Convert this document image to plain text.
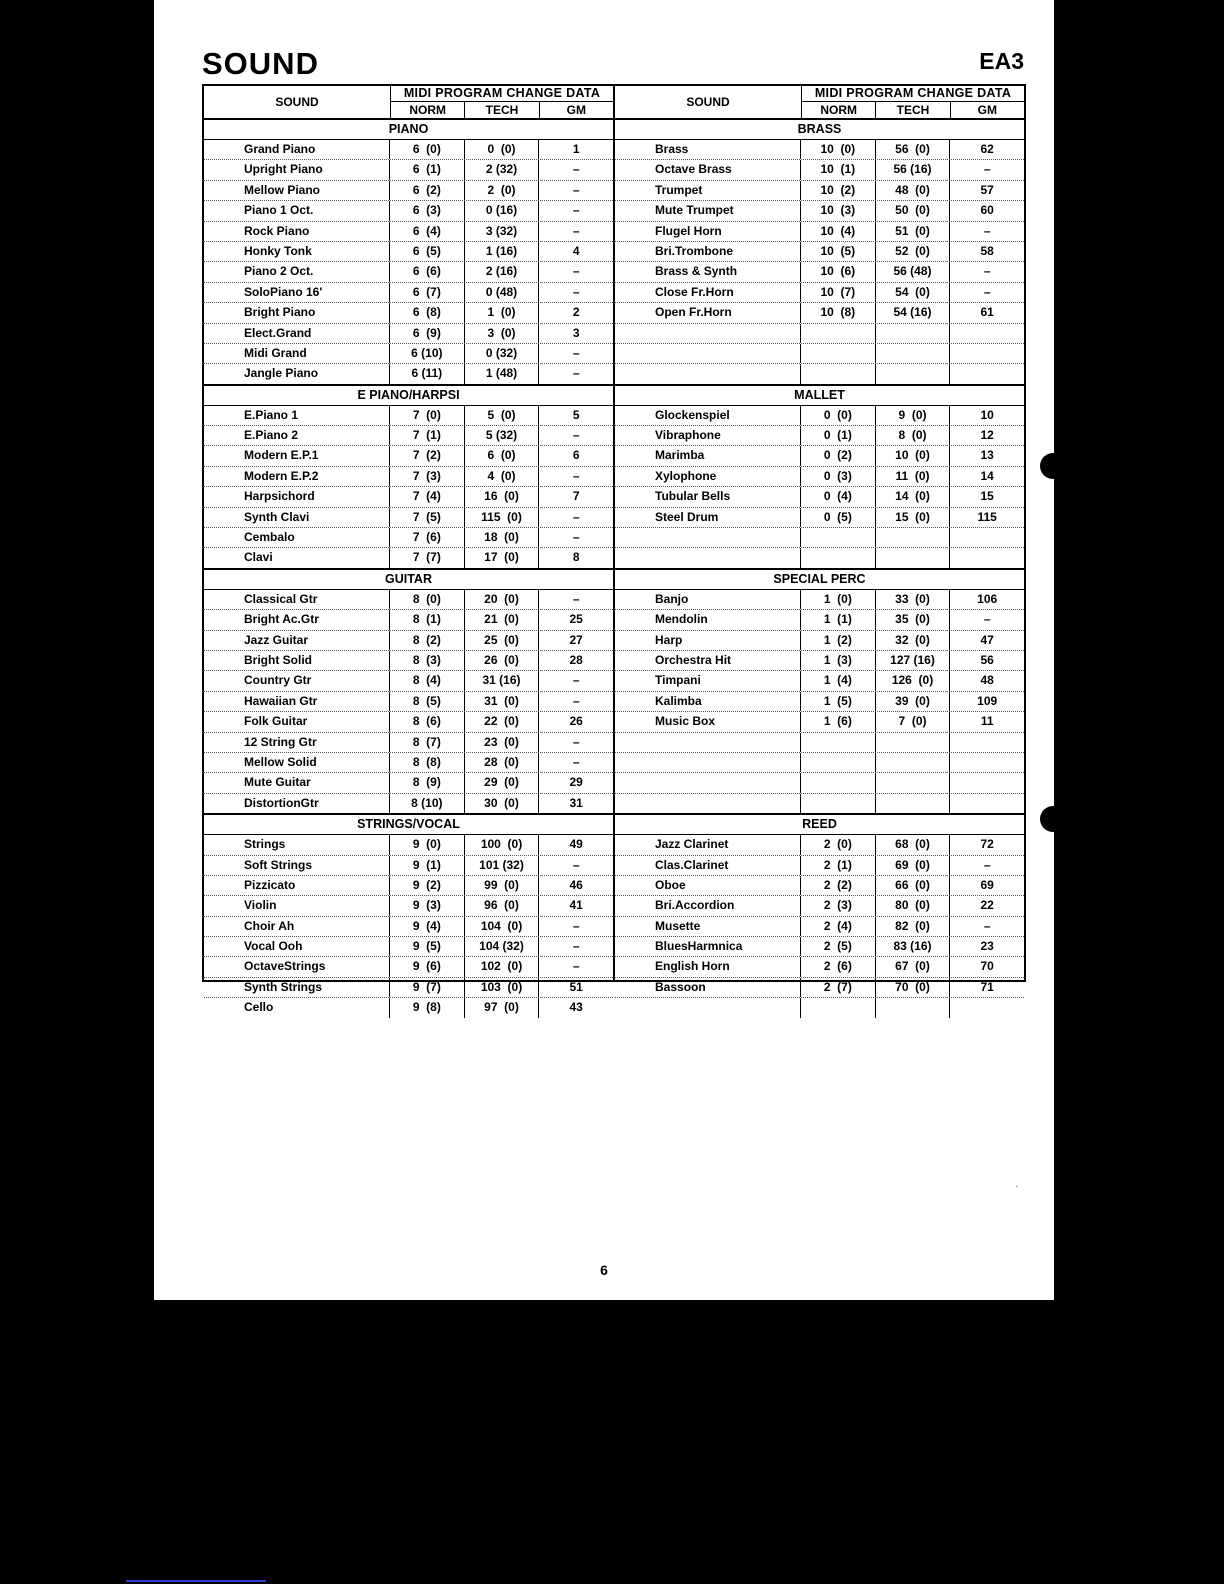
SOUND	EA3
SOUND
MIDI PROGRAM CHANGE DATA
NORM	TECH	GM
PIANO
Grand Piano	6  (0)	0  (0)	1
Upright Piano	6  (1)	2 (32)	–
Mellow Piano	6  (2)	2  (0)	–
Piano 1 Oct.	6  (3)	0 (16)	–
Rock Piano	6  (4)	3 (32)	–
Honky Tonk	6  (5)	1 (16)	4
Piano 2 Oct.	6  (6)	2 (16)	–
SoloPiano 16'	6  (7)	0 (48)	–
Bright Piano	6  (8)	1  (0)	2
Elect.Grand	6  (9)	3  (0)	3
Midi Grand	6 (10)	0 (32)	–
Jangle Piano	6 (11)	1 (48)	–
E PIANO/HARPSI
E.Piano 1	7  (0)	5  (0)	5
E.Piano 2	7  (1)	5 (32)	–
Modern E.P.1	7  (2)	6  (0)	6
Modern E.P.2	7  (3)	4  (0)	–
Harpsichord	7  (4)	16  (0)	7
Synth Clavi	7  (5)	115  (0)	–
Cembalo	7  (6)	18  (0)	–
Clavi	7  (7)	17  (0)	8
GUITAR
Classical Gtr	8  (0)	20  (0)	–
Bright Ac.Gtr	8  (1)	21  (0)	25
Jazz Guitar	8  (2)	25  (0)	27
Bright Solid	8  (3)	26  (0)	28
Country Gtr	8  (4)	31 (16)	–
Hawaiian Gtr	8  (5)	31  (0)	–
Folk Guitar	8  (6)	22  (0)	26
12 String Gtr	8  (7)	23  (0)	–
Mellow Solid	8  (8)	28  (0)	–
Mute Guitar	8  (9)	29  (0)	29
DistortionGtr	8 (10)	30  (0)	31
STRINGS/VOCAL
Strings	9  (0)	100  (0)	49
Soft Strings	9  (1)	101 (32)	–
Pizzicato	9  (2)	99  (0)	46
Violin	9  (3)	96  (0)	41
Choir Ah	9  (4)	104  (0)	–
Vocal Ooh	9  (5)	104 (32)	–
OctaveStrings	9  (6)	102  (0)	–
Synth Strings	9  (7)	103  (0)	51
Cello	9  (8)	97  (0)	43
SOUND
MIDI PROGRAM CHANGE DATA
NORM	TECH	GM
BRASS
Brass	10  (0)	56  (0)	62
Octave Brass	10  (1)	56 (16)	–
Trumpet	10  (2)	48  (0)	57
Mute Trumpet	10  (3)	50  (0)	60
Flugel Horn	10  (4)	51  (0)	–
Bri.Trombone	10  (5)	52  (0)	58
Brass & Synth	10  (6)	56 (48)	–
Close Fr.Horn	10  (7)	54  (0)	–
Open Fr.Horn	10  (8)	54 (16)	61
MALLET
Glockenspiel	0  (0)	9  (0)	10
Vibraphone	0  (1)	8  (0)	12
Marimba	0  (2)	10  (0)	13
Xylophone	0  (3)	11  (0)	14
Tubular Bells	0  (4)	14  (0)	15
Steel Drum	0  (5)	15  (0)	115
SPECIAL PERC
Banjo	1  (0)	33  (0)	106
Mendolin	1  (1)	35  (0)	–
Harp	1  (2)	32  (0)	47
Orchestra Hit	1  (3)	127 (16)	56
Timpani	1  (4)	126  (0)	48
Kalimba	1  (5)	39  (0)	109
Music Box	1  (6)	7  (0)	11
REED
Jazz Clarinet	2  (0)	68  (0)	72
Clas.Clarinet	2  (1)	69  (0)	–
Oboe	2  (2)	66  (0)	69
Bri.Accordion	2  (3)	80  (0)	22
Musette	2  (4)	82  (0)	–
BluesHarmnica	2  (5)	83 (16)	23
English Horn	2  (6)	67  (0)	70
Bassoon	2  (7)	70  (0)	71
.
6
